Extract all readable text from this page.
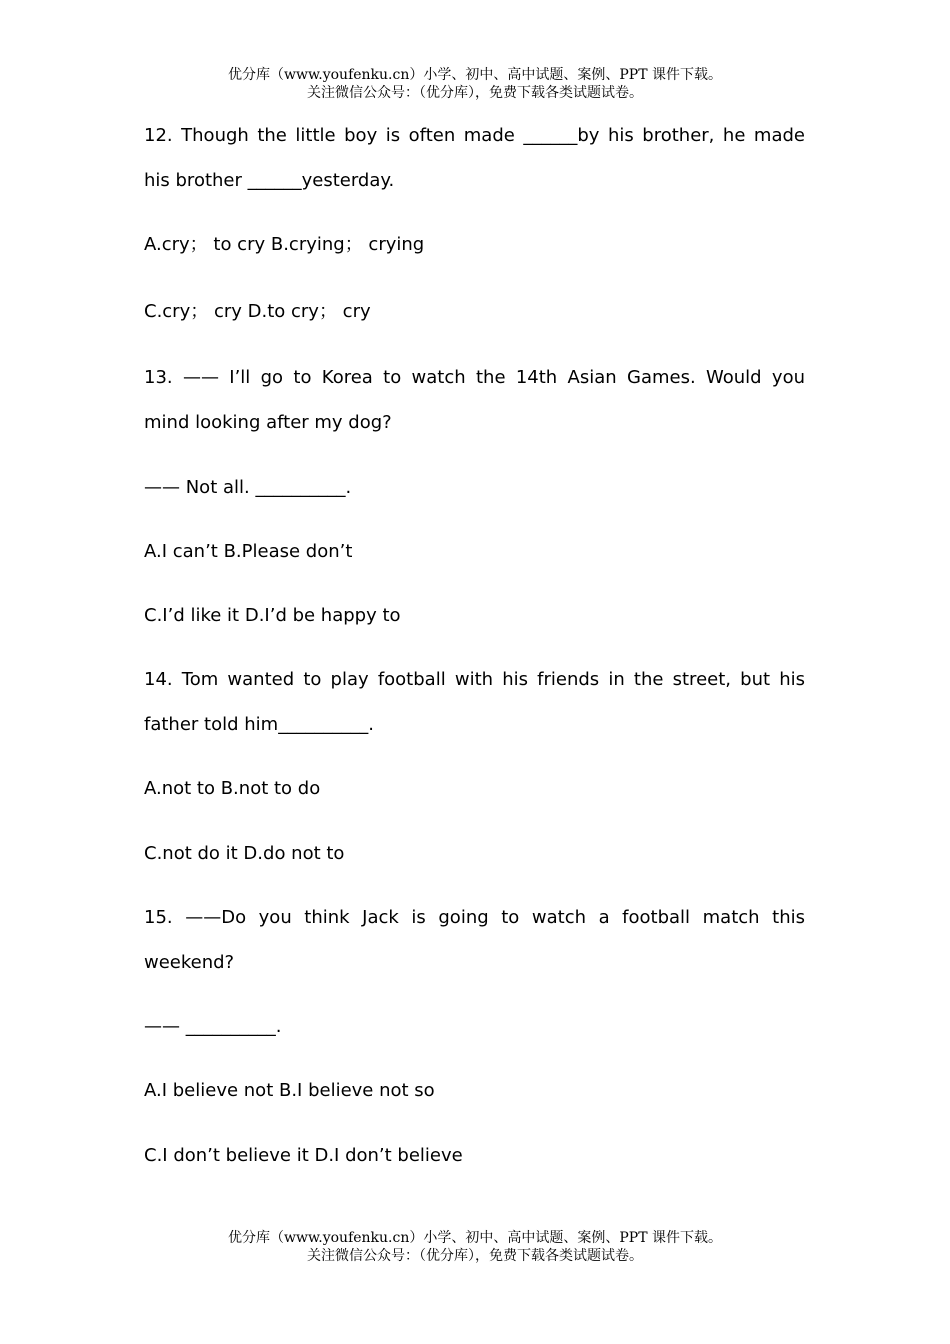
优分库（www.youfenku.cn）小学、初中、高中试题、案例、PPT 课件下载。
关注微信公众号：（优分库），免费下载各类试题试卷。
12. Though the little boy is often made ______by his brother, he made
his brother ______yesterday.
A.cry； to cry B.crying； crying
C.cry； cry D.to cry； cry
13. —— I’ll go to Korea to watch the 14th Asian Games. Would you
mind looking after my dog?
—— Not all. __________.
A.I can’t B.Please don’t
C.I’d like it D.I’d be happy to
14. Tom wanted to play football with his friends in the street, but his
father told him__________.
A.not to B.not to do
C.not do it D.do not to
15. ——Do you think Jack is going to watch a football match this
weekend?
—— __________.
A.I believe not B.I believe not so
C.I don’t believe it D.I don’t believe
优分库（www.youfenku.cn）小学、初中、高中试题、案例、PPT 课件下载。
关注微信公众号：（优分库），免费下载各类试题试卷。
